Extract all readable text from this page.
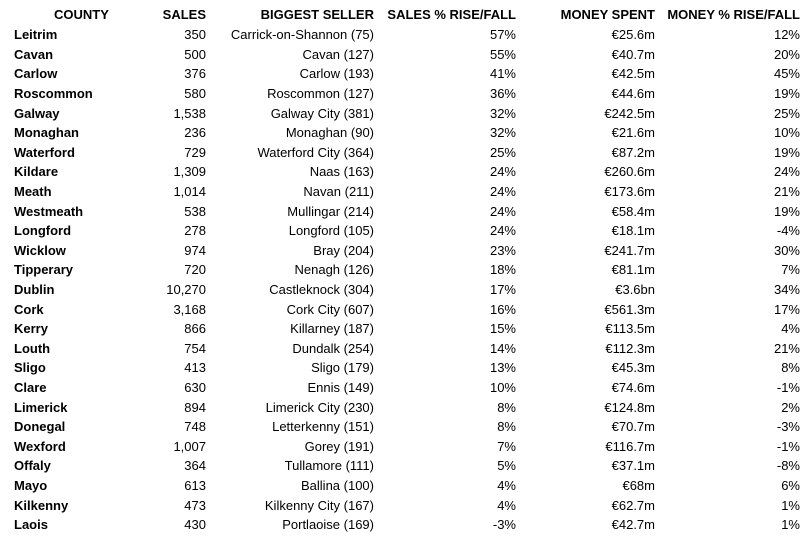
COUNTY	SALES	BIGGEST SELLER	SALES % RISE/FALL	MONEY SPENT	MONEY % RISE/FALL
Leitrim	350	Carrick-on-Shannon (75)	57%	€25.6m	12%
Cavan	500	Cavan (127)	55%	€40.7m	20%
Carlow	376	Carlow (193)	41%	€42.5m	45%
Roscommon	580	Roscommon (127)	36%	€44.6m	19%
Galway	1,538	Galway City (381)	32%	€242.5m	25%
Monaghan	236	Monaghan (90)	32%	€21.6m	10%
Waterford	729	Waterford City (364)	25%	€87.2m	19%
Kildare	1,309	Naas (163)	24%	€260.6m	24%
Meath	1,014	Navan (211)	24%	€173.6m	21%
Westmeath	538	Mullingar (214)	24%	€58.4m	19%
Longford	278	Longford (105)	24%	€18.1m	-4%
Wicklow	974	Bray (204)	23%	€241.7m	30%
Tipperary	720	Nenagh (126)	18%	€81.1m	7%
Dublin	10,270	Castleknock (304)	17%	€3.6bn	34%
Cork	3,168	Cork City (607)	16%	€561.3m	17%
Kerry	866	Killarney (187)	15%	€113.5m	4%
Louth	754	Dundalk (254)	14%	€112.3m	21%
Sligo	413	Sligo (179)	13%	€45.3m	8%
Clare	630	Ennis (149)	10%	€74.6m	-1%
Limerick	894	Limerick City (230)	8%	€124.8m	2%
Donegal	748	Letterkenny (151)	8%	€70.7m	-3%
Wexford	1,007	Gorey (191)	7%	€116.7m	-1%
Offaly	364	Tullamore (111)	5%	€37.1m	-8%
Mayo	613	Ballina (100)	4%	€68m	6%
Kilkenny	473	Kilkenny City (167)	4%	€62.7m	1%
Laois	430	Portlaoise (169)	-3%	€42.7m	1%
